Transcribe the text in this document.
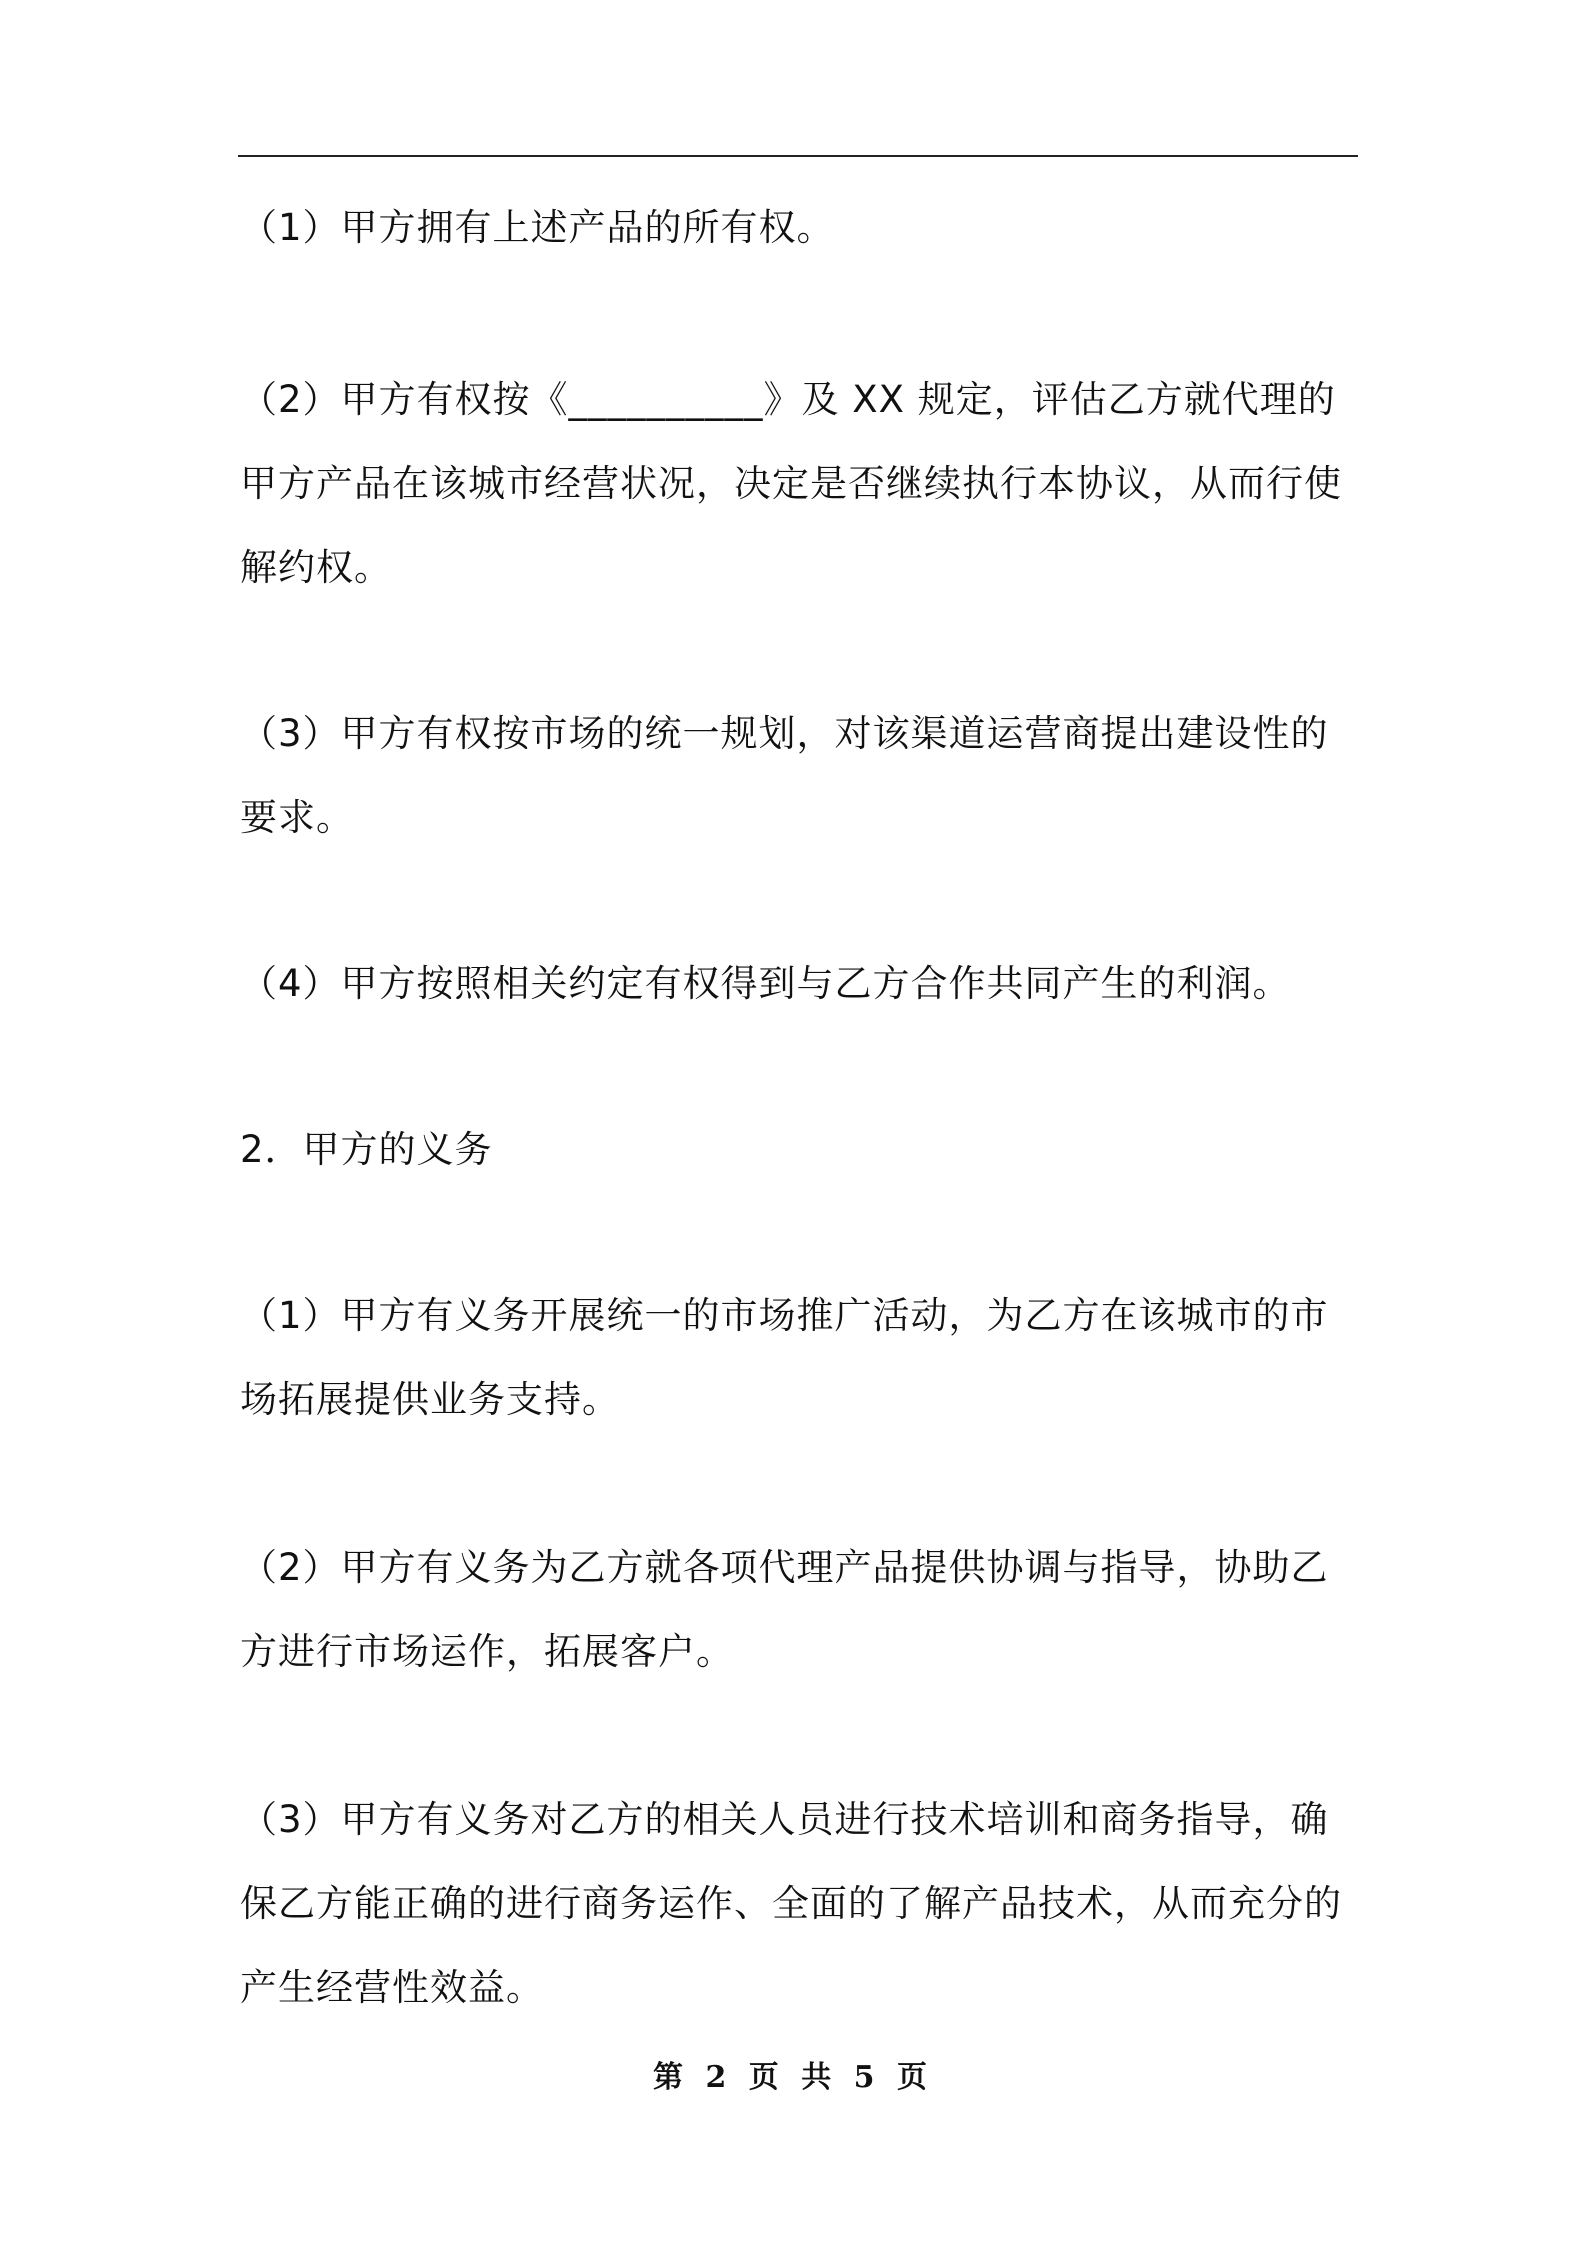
（1）甲方拥有上述产品的所有权。

（2）甲方有权按《__________》及 XX 规定，评估乙方就代理的甲方产品在该城市经营状况，决定是否继续执行本协议，从而行使解约权。

（3）甲方有权按市场的统一规划，对该渠道运营商提出建设性的要求。

（4）甲方按照相关约定有权得到与乙方合作共同产生的利润。

2．甲方的义务

（1）甲方有义务开展统一的市场推广活动，为乙方在该城市的市场拓展提供业务支持。

（2）甲方有义务为乙方就各项代理产品提供协调与指导，协助乙方进行市场运作，拓展客户。

（3）甲方有义务对乙方的相关人员进行技术培训和商务指导，确保乙方能正确的进行商务运作、全面的了解产品技术，从而充分的产生经营性效益。

第 2 页 共 5 页
